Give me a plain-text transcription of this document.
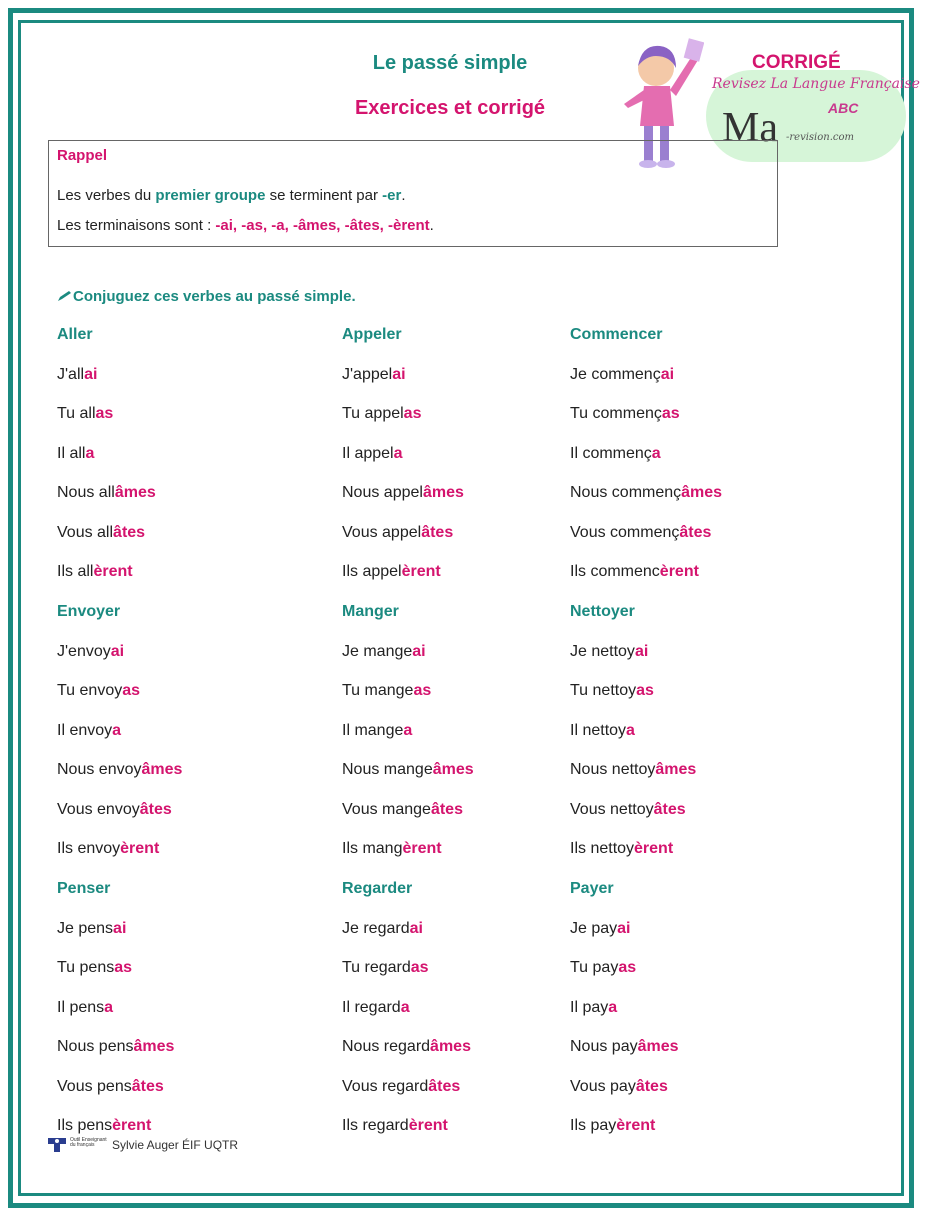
Le passé simple
Exercices et corrigé
CORRIGÉ
Revisez La Langue Française
Ma	ABC
-revision.com
Rappel
Les verbes du premier groupe se terminent par -er.
Les terminaisons sont : -ai, -as, -a, -âmes, -âtes, -èrent.
Conjuguez ces verbes au passé simple.
Aller
J'allai
Tu allas
Il alla
Nous allâmes
Vous allâtes
Ils allèrent
Appeler
J'appelai
Tu appelas
Il appela
Nous appelâmes
Vous appelâtes
Ils appelèrent
Commencer
Je commençai
Tu commenças
Il commença
Nous commençâmes
Vous commençâtes
Ils commencèrent
Envoyer
J'envoyai
Tu envoyas
Il envoya
Nous envoyâmes
Vous envoyâtes
Ils envoyèrent
Manger
Je mangeai
Tu mangeas
Il mangea
Nous mangeâmes
Vous mangeâtes
Ils mangèrent
Nettoyer
Je nettoyai
Tu nettoyas
Il nettoya
Nous nettoyâmes
Vous nettoyâtes
Ils nettoyèrent
Penser
Je pensai
Tu pensas
Il pensa
Nous pensâmes
Vous pensâtes
Ils pensèrent
Regarder
Je regardai
Tu regardas
Il regarda
Nous regardâmes
Vous regardâtes
Ils regardèrent
Payer
Je payai
Tu payas
Il paya
Nous payâmes
Vous payâtes
Ils payèrent
Outil Enseignant du français	Sylvie Auger ÉIF UQTR
